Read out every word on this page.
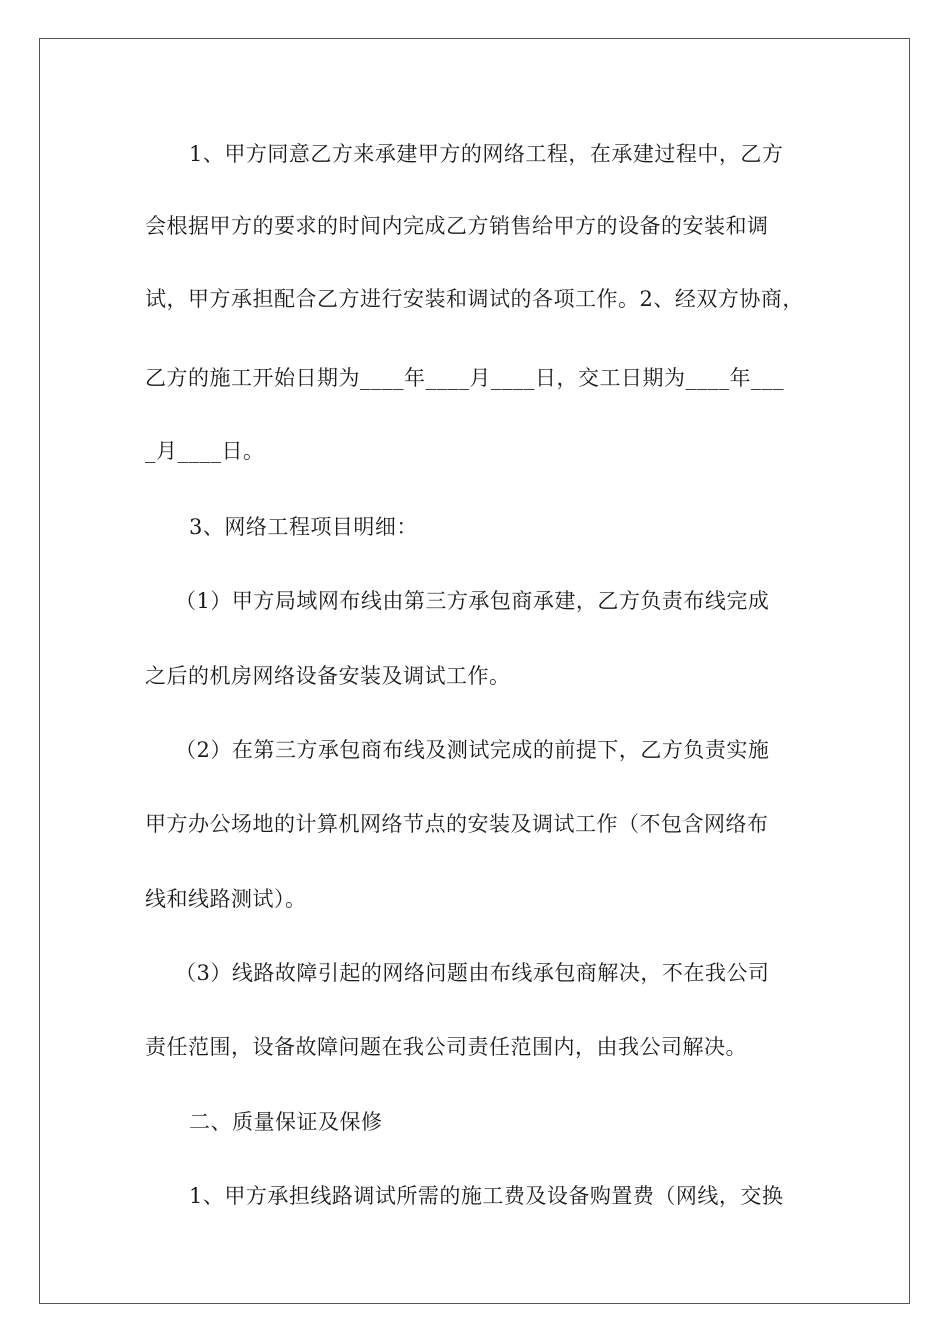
1、甲方同意乙方来承建甲方的网络工程，在承建过程中，乙方
会根据甲方的要求的时间内完成乙方销售给甲方的设备的安装和调
试，甲方承担配合乙方进行安装和调试的各项工作。2、经双方协商，
乙方的施工开始日期为____年____月____日，交工日期为____年___
_月____日。
3、网络工程项目明细：
（1）甲方局域网布线由第三方承包商承建，乙方负责布线完成
之后的机房网络设备安装及调试工作。
（2）在第三方承包商布线及测试完成的前提下，乙方负责实施
甲方办公场地的计算机网络节点的安装及调试工作（不包含网络布
线和线路测试）。
（3）线路故障引起的网络问题由布线承包商解决，不在我公司
责任范围，设备故障问题在我公司责任范围内，由我公司解决。
二、质量保证及保修
1、甲方承担线路调试所需的施工费及设备购置费（网线，交换
